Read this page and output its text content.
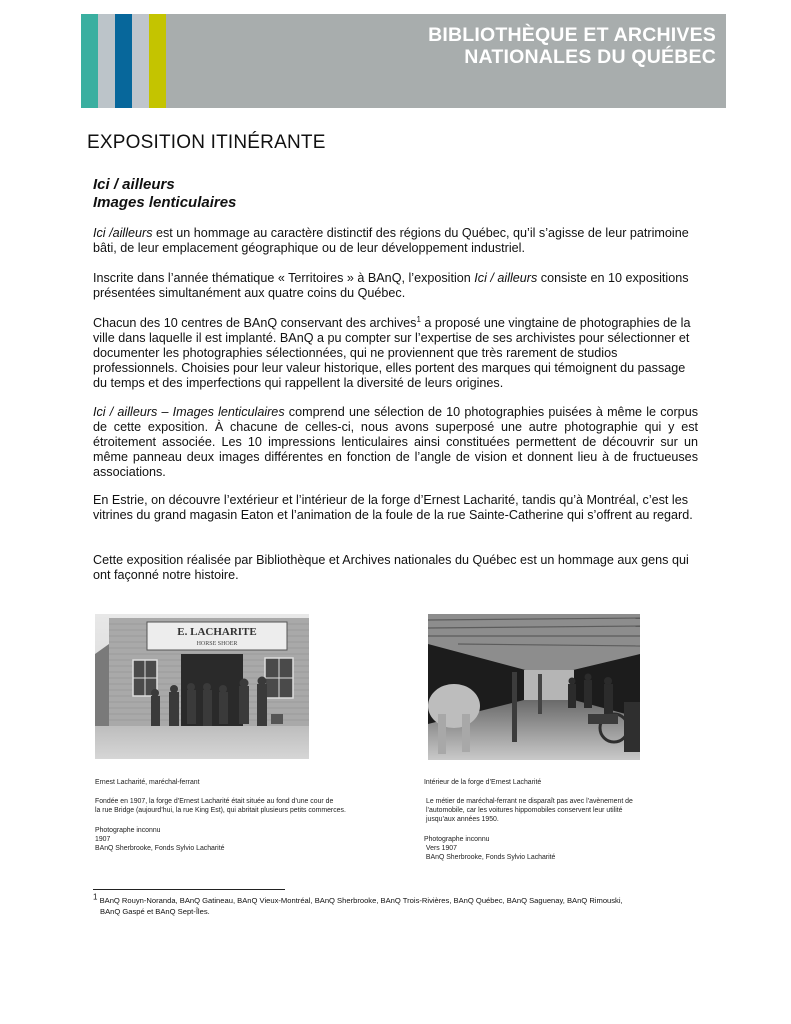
BIBLIOTHÈQUE ET ARCHIVES
NATIONALES DU QUÉBEC
EXPOSITION ITINÉRANTE
Ici / ailleurs
Images lenticulaires

Ici /ailleurs est un hommage au caractère distinctif des régions du Québec, qu’il s’agisse de leur patrimoine bâti, de leur emplacement géographique ou de leur développement industriel.

Inscrite dans l’année thématique « Territoires » à BAnQ, l’exposition Ici / ailleurs consiste en 10 expositions présentées simultanément aux quatre coins du Québec.

Chacun des 10 centres de BAnQ conservant des archives$^1$ a proposé une vingtaine de photographies de la ville dans laquelle il est implanté. BAnQ a pu compter sur l’expertise de ses archivistes pour sélectionner et documenter les photographies sélectionnées, qui ne proviennent que très rarement de studios professionnels. Choisies pour leur valeur historique, elles portent des marques qui témoignent du passage du temps et des imperfections qui rappellent la diversité de leurs origines.

Ici / ailleurs – Images lenticulaires comprend une sélection de 10 photographies puisées à même le corpus de cette exposition. À chacune de celles-ci, nous avons superposé une autre photographie qui y est étroitement associée. Les 10 impressions lenticulaires ainsi constituées permettent de découvrir sur un même panneau deux images différentes en fonction de l’angle de vision et donnent lieu à de fructueuses associations.

En Estrie, on découvre l’extérieur et l’intérieur de la forge d’Ernest Lacharité, tandis qu’à Montréal, c’est les vitrines du grand magasin Eaton et l’animation de la foule de la rue Sainte-Catherine qui s’offrent au regard.

Cette exposition réalisée par Bibliothèque et Archives nationales du Québec est un hommage aux gens qui ont façonné notre histoire.

E. LACHARITE
HORSE SHOER

Ernest Lacharité, maréchal-ferrant

Fondée en 1907, la forge d’Ernest Lacharité était située au fond d’une cour de

la rue Bridge (aujourd’hui, la rue King Est), qui abritait plusieurs petits commerces.

Photographe inconnu

1907

BAnQ Sherbrooke, Fonds Sylvio Lacharité

Intérieur de la forge d’Ernest Lacharité

Le métier de maréchal-ferrant ne disparaît pas avec l’avènement de

l’automobile, car les voitures hippomobiles conservent leur utilité

jusqu’aux années 1950.

Photographe inconnu

Vers 1907

BAnQ Sherbrooke, Fonds Sylvio Lacharité

$^1$ BAnQ Rouyn-Noranda, BAnQ Gatineau, BAnQ Vieux-Montréal, BAnQ Sherbrooke, BAnQ Trois-Rivières, BAnQ Québec, BAnQ Saguenay, BAnQ Rimouski,
BAnQ Gaspé et BAnQ Sept-Îles.
